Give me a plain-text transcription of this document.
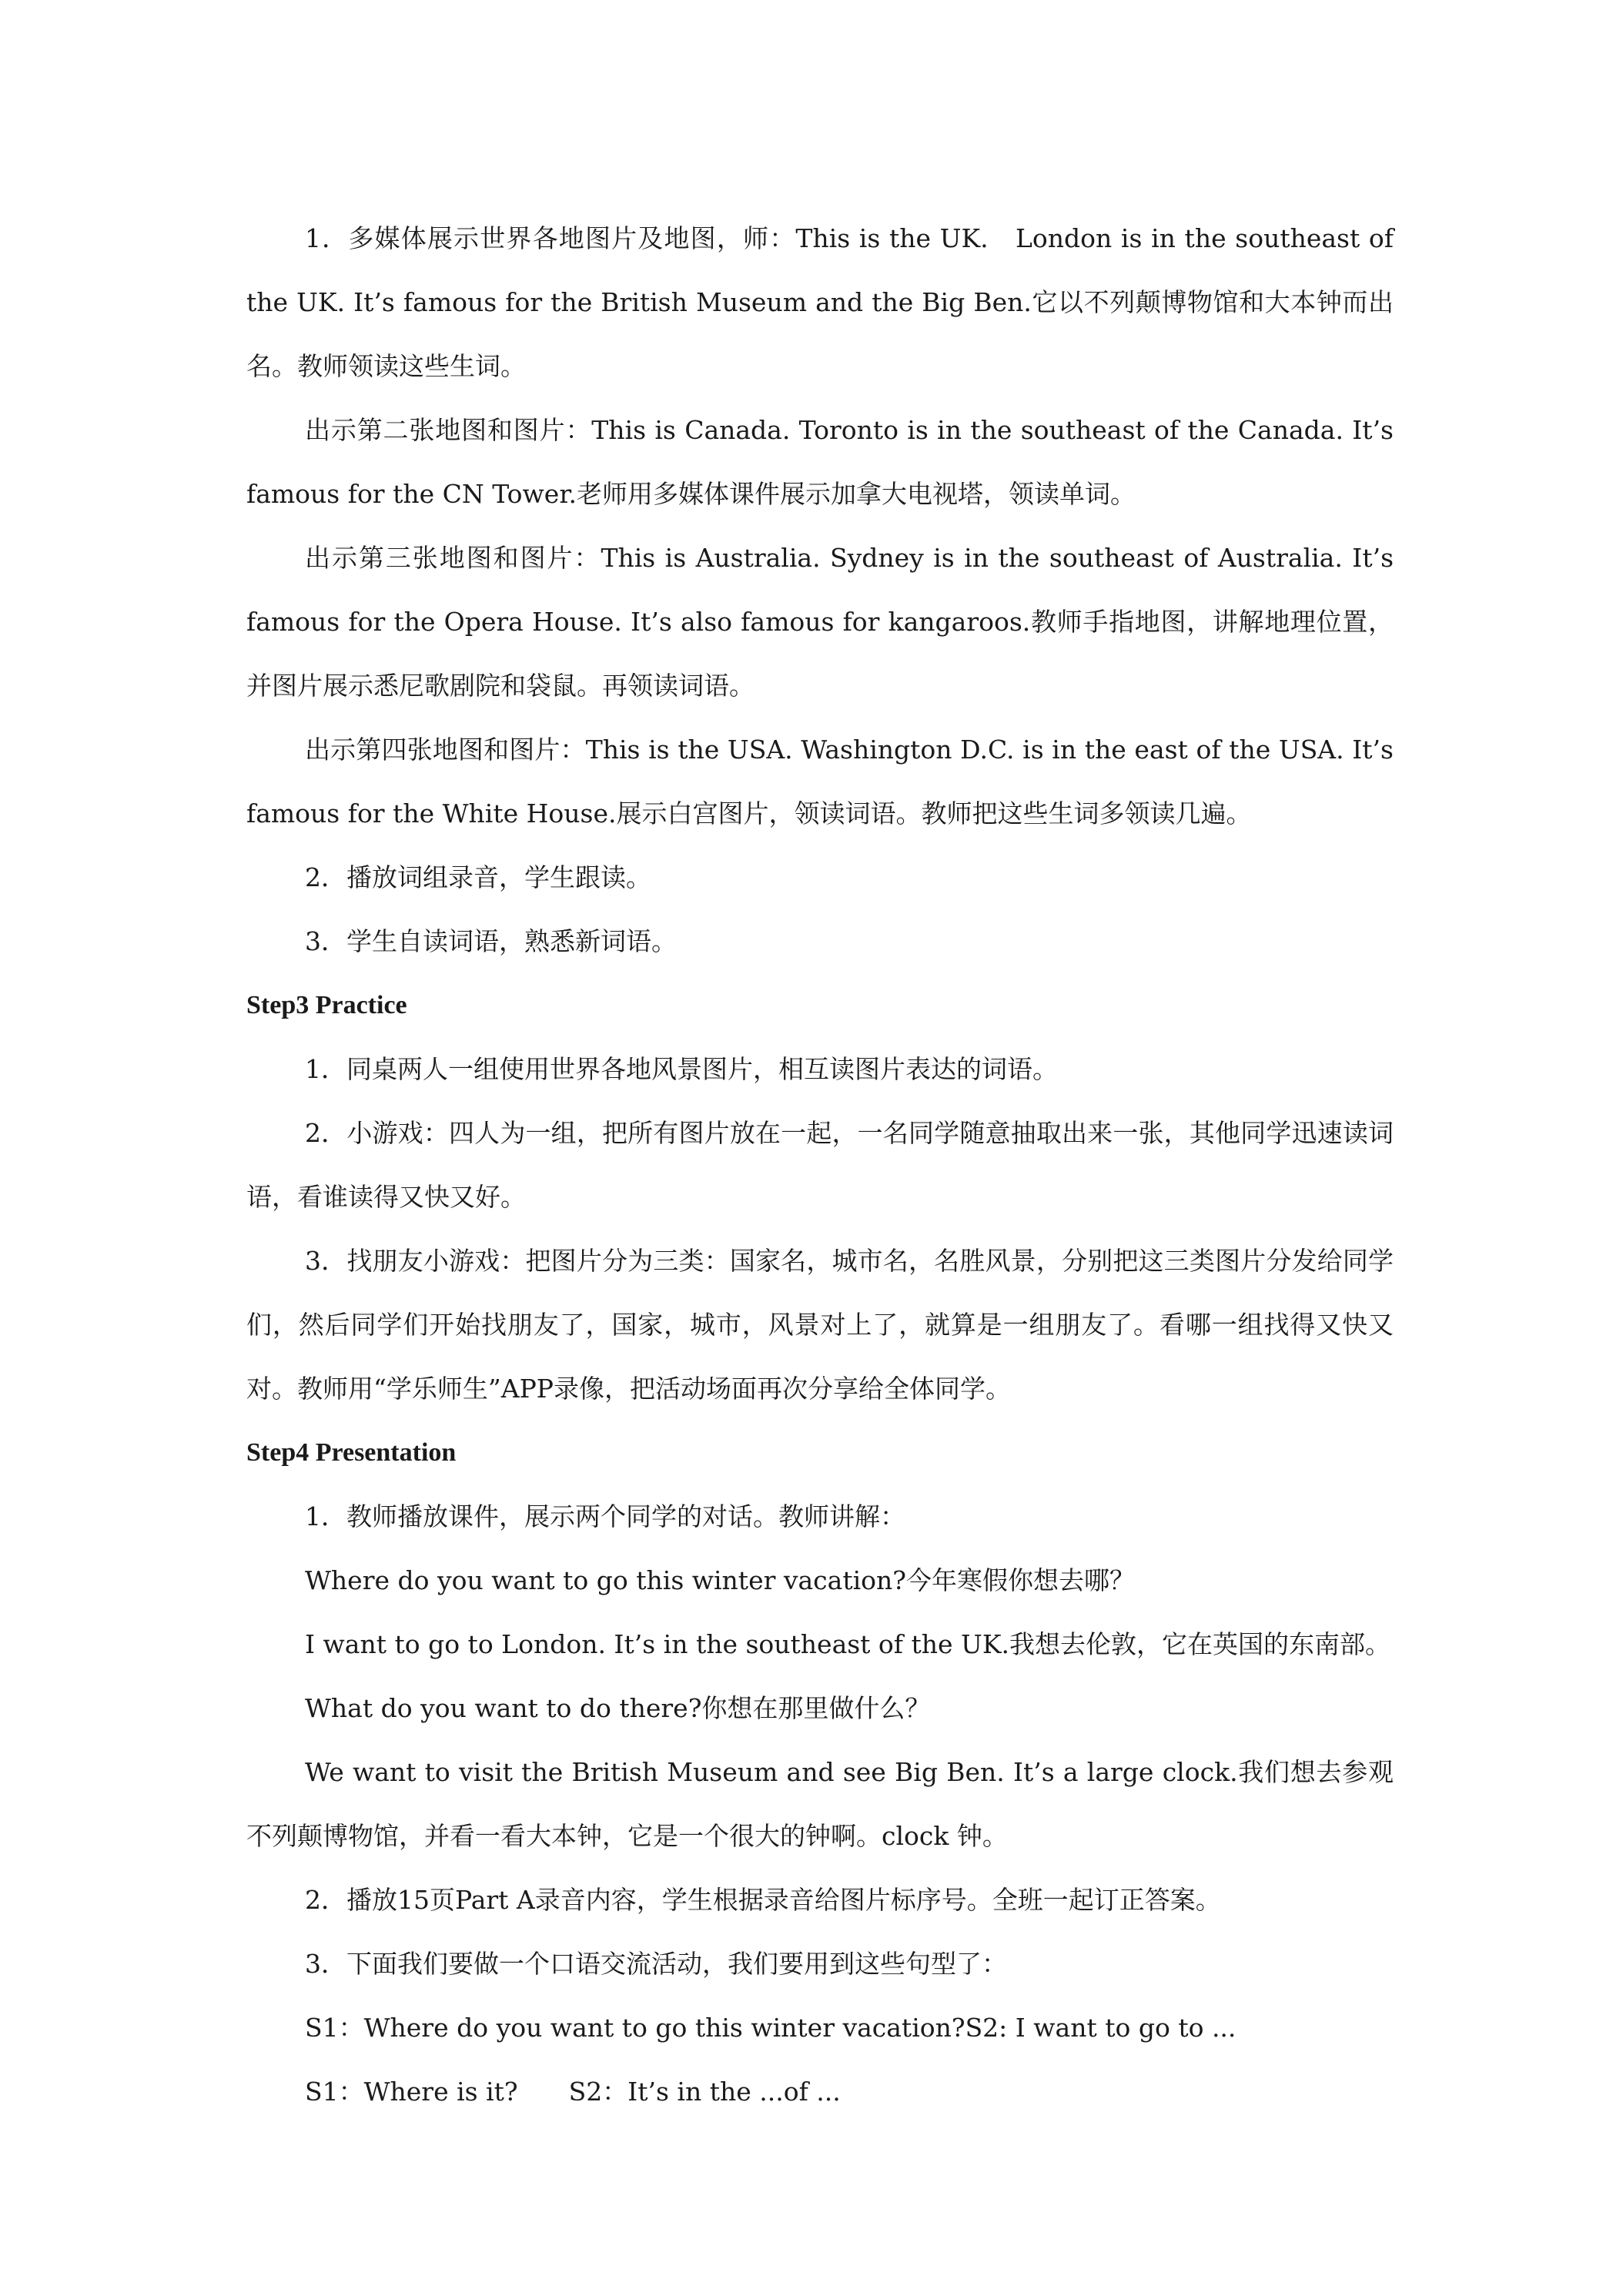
1．多媒体展示世界各地图片及地图，师：This is the UK.　London is in the southeast of the UK. It’s famous for the British Museum and the Big Ben.它以不列颠博物馆和大本钟而出名。教师领读这些生词。

出示第二张地图和图片：This is Canada. Toronto is in the southeast of the Canada. It’s famous for the CN Tower.老师用多媒体课件展示加拿大电视塔，领读单词。

出示第三张地图和图片：This is Australia. Sydney is in the southeast of Australia. It’s famous for the Opera House. It’s also famous for kangaroos.教师手指地图，讲解地理位置，并图片展示悉尼歌剧院和袋鼠。再领读词语。

出示第四张地图和图片：This is the USA. Washington D.C. is in the east of the USA. It’s famous for the White House.展示白宫图片，领读词语。教师把这些生词多领读几遍。

2．播放词组录音，学生跟读。

3．学生自读词语，熟悉新词语。

Step3 Practice

1．同桌两人一组使用世界各地风景图片，相互读图片表达的词语。

2．小游戏：四人为一组，把所有图片放在一起，一名同学随意抽取出来一张，其他同学迅速读词语，看谁读得又快又好。

3．找朋友小游戏：把图片分为三类：国家名，城市名，名胜风景，分别把这三类图片分发给同学们，然后同学们开始找朋友了，国家，城市，风景对上了，就算是一组朋友了。看哪一组找得又快又对。教师用“学乐师生”APP录像，把活动场面再次分享给全体同学。

Step4 Presentation

1．教师播放课件，展示两个同学的对话。教师讲解：

Where do you want to go this winter vacation?今年寒假你想去哪？

I want to go to London. It’s in the southeast of the UK.我想去伦敦，它在英国的东南部。

What do you want to do there?你想在那里做什么？

We want to visit the British Museum and see Big Ben. It’s a large clock.我们想去参观不列颠博物馆，并看一看大本钟，它是一个很大的钟啊。clock 钟。

2．播放15页Part A录音内容，学生根据录音给图片标序号。全班一起订正答案。

3．下面我们要做一个口语交流活动，我们要用到这些句型了：

S1：Where do you want to go this winter vacation?S2: I want to go to ...

S1：Where is it?　　S2：It’s in the ...of ...
